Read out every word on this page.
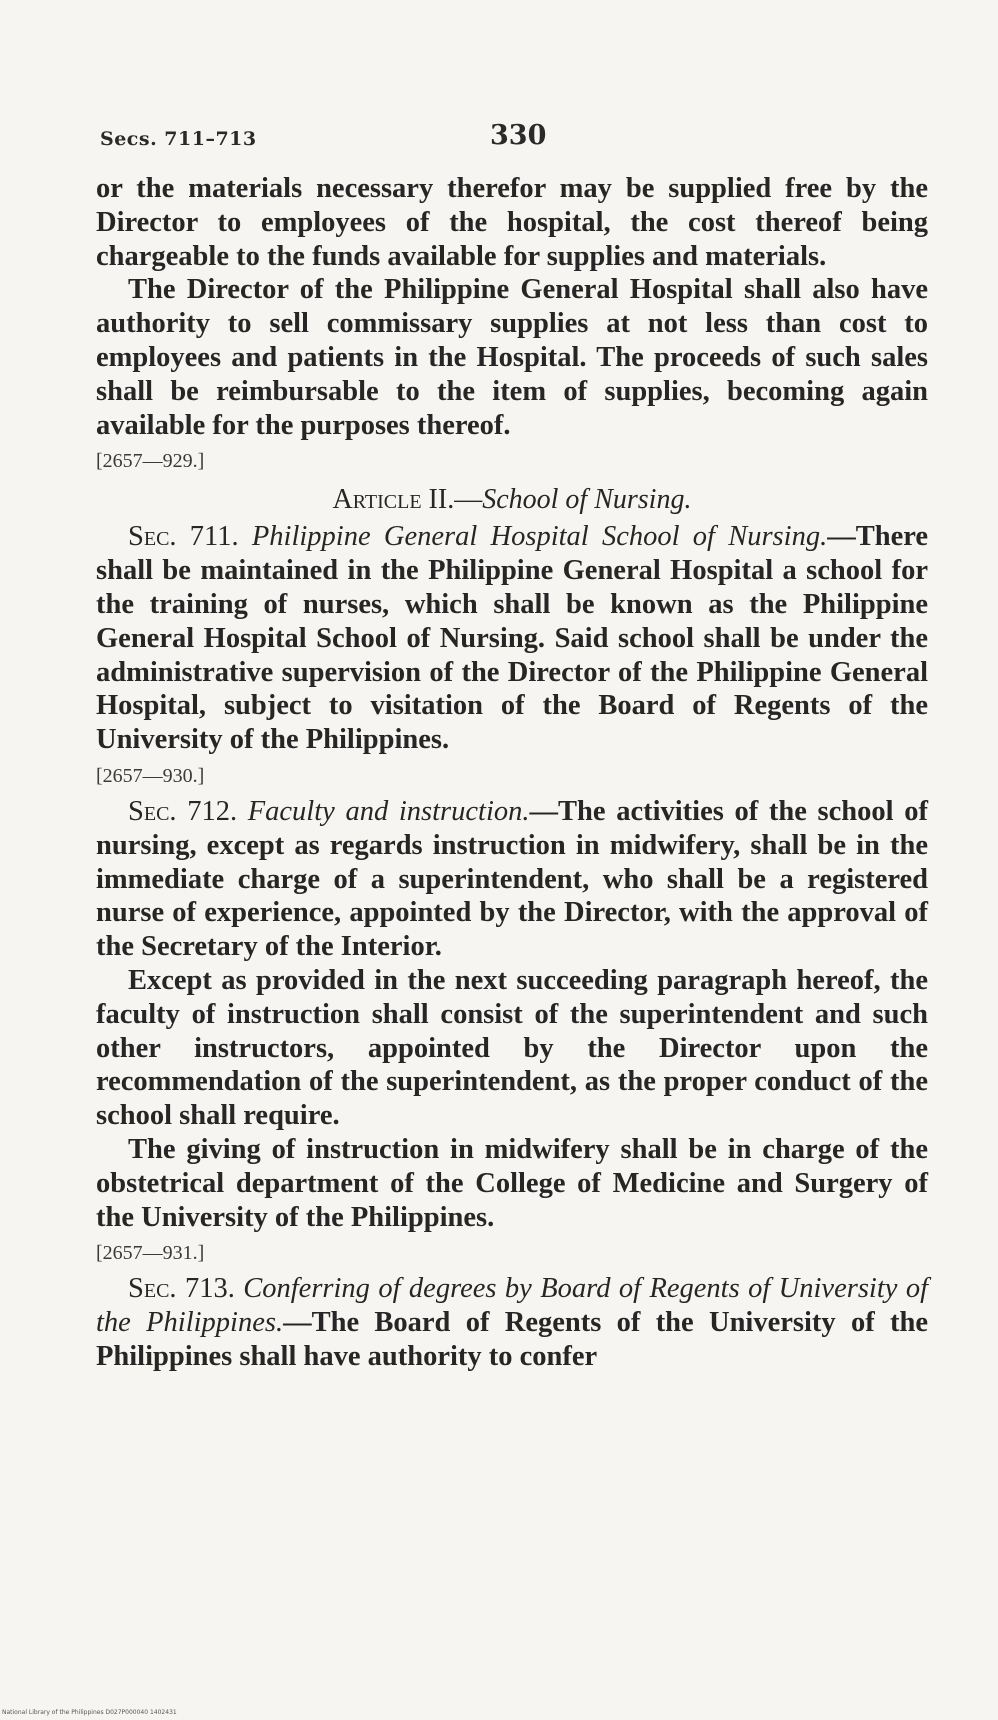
Secs. 711–713	330

or the materials necessary therefor may be supplied free by the Director to employees of the hospital, the cost thereof being chargeable to the funds available for supplies and materials.

The Director of the Philippine General Hospital shall also have authority to sell commissary supplies at not less than cost to employees and patients in the Hospital. The proceeds of such sales shall be reimbursable to the item of supplies, becoming again available for the purposes thereof.

[2657—929.]

Article II.—School of Nursing.

Sec. 711. Philippine General Hospital School of Nursing.—There shall be maintained in the Philippine General Hospital a school for the training of nurses, which shall be known as the Philippine General Hospital School of Nursing. Said school shall be under the administrative supervision of the Director of the Philippine General Hospital, subject to visitation of the Board of Regents of the University of the Philippines.

[2657—930.]

Sec. 712. Faculty and instruction.—The activities of the school of nursing, except as regards instruction in midwifery, shall be in the immediate charge of a superintendent, who shall be a registered nurse of experience, appointed by the Director, with the approval of the Secretary of the Interior.

Except as provided in the next succeeding paragraph hereof, the faculty of instruction shall consist of the superintendent and such other instructors, appointed by the Director upon the recommendation of the superintendent, as the proper conduct of the school shall require.

The giving of instruction in midwifery shall be in charge of the obstetrical department of the College of Medicine and Surgery of the University of the Philippines.

[2657—931.]

Sec. 713. Conferring of degrees by Board of Regents of University of the Philippines.—The Board of Regents of the University of the Philippines shall have authority to confer

National Library of the Philippines D027P000040 1402431
